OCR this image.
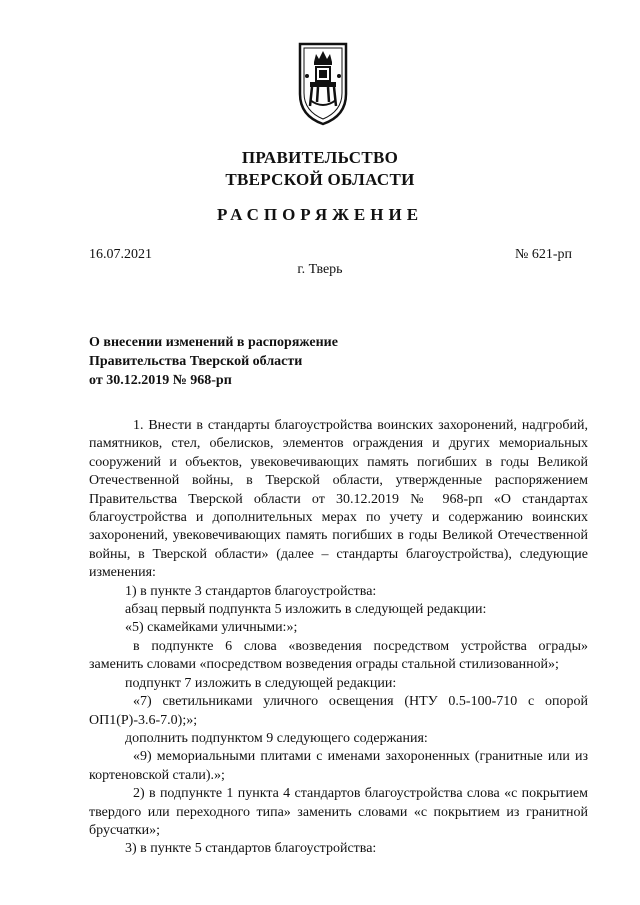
ПРАВИТЕЛЬСТВО
ТВЕРСКОЙ ОБЛАСТИ
РАСПОРЯЖЕНИЕ
16.07.2021	№ 621-рп
г. Тверь
О внесении изменений в распоряжение
Правительства Тверской области
от 30.12.2019 № 968-рп

1. Внести в стандарты благоустройства воинских захоронений, надгробий, памятников, стел, обелисков, элементов ограждения и других мемориальных сооружений и объектов, увековечивающих память погибших в годы Великой Отечественной войны, в Тверской области, утвержденные распоряжением Правительства Тверской области от 30.12.2019 № 968-рп «О стандартах благоустройства и дополнительных мерах по учету и содержанию воинских захоронений, увековечивающих память погибших в годы Великой Отечественной войны, в Тверской области» (далее – стандарты благоустройства), следующие изменения:

1) в пункте 3 стандартов благоустройства:

абзац первый подпункта 5 изложить в следующей редакции:

«5) скамейками уличными:»;

в подпункте 6 слова «возведения посредством устройства ограды» заменить словами «посредством возведения ограды стальной стилизованной»;

подпункт 7 изложить в следующей редакции:

«7) светильниками уличного освещения (НТУ 0.5-100-710 с опорой ОП1(Р)-3.6-7.0);»;

дополнить подпунктом 9 следующего содержания:

«9) мемориальными плитами с именами захороненных (гранитные или из кортеновской стали).»;

2) в подпункте 1 пункта 4 стандартов благоустройства слова «с покрытием твердого или переходного типа» заменить словами «с покрытием из гранитной брусчатки»;

3) в пункте 5 стандартов благоустройства:
